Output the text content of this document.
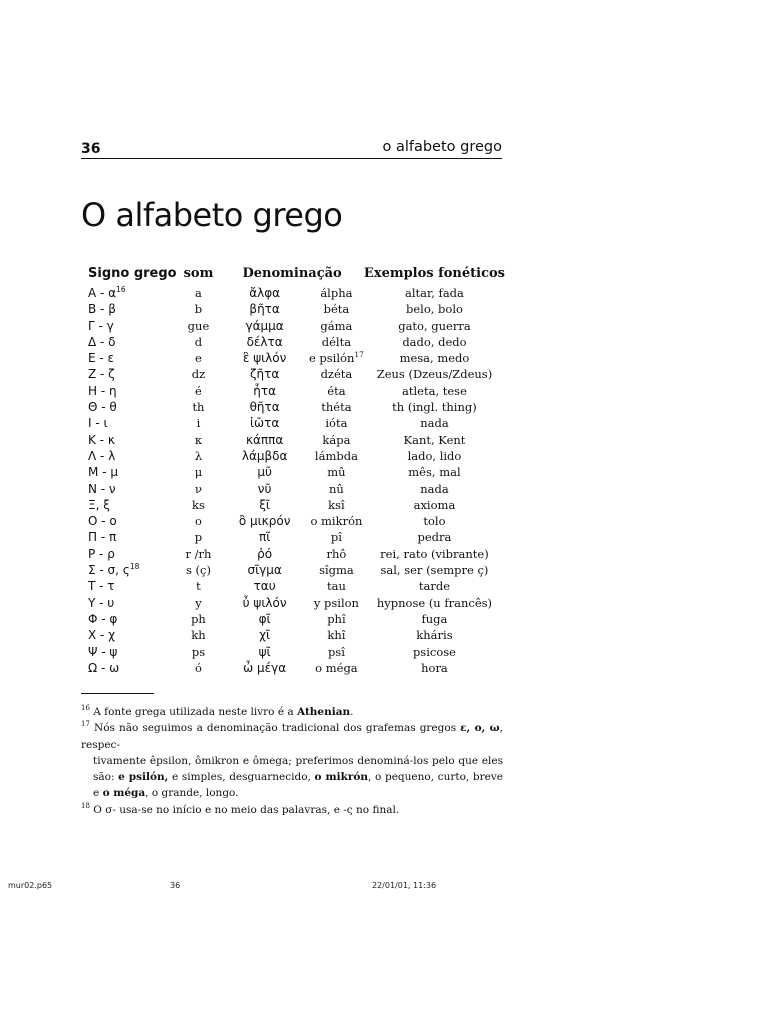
36	o alfabeto grego
O alfabeto grego
Signo grego	som	Denominação		Exemplos fonéticos
Α - $\alpha^{16}$	a	ἄλφα	álpha	altar, fada
Β - β	b	βῆτα	béta	belo, bolo
Γ - γ	gue	γάμμα	gáma	gato, guerra
Δ - δ	d	δέλτα	délta	dado, dedo
Ε - ε	e	ἒ ψιλόν	e psilón$^{17}$	mesa, medo
Ζ - ζ	dz	ζῆτα	dzéta	Zeus (Dzeus/Zdeus)
Η - η	é	ἦτα	éta	atleta, tese
Θ - θ	th	θῆτα	théta	th (ingl. thing)
Ι - ι	i	ἰῶτα	ióta	nada
Κ - κ	κ	κάππα	kápa	Kant, Kent
Λ - λ	λ	λάμβδα	lámbda	lado, lido
Μ - μ	μ	μῦ	mû	mês, mal
Ν - ν	ν	νῦ	nû	nada
Ξ, ξ	ks	ξῖ	ksî	axioma
Ο - ο	o	ὂ μικρόν	o mikrón	tolo
Π - π	p	πῖ	pî	pedra
Ρ - ρ	r /rh	ῥό	rhô	rei, rato (vibrante)
Σ - σ, $\varsigma^{18}$	s (ç)	σῖγμα	sîgma	sal, ser (sempre ç)
Τ - τ	t	ταυ	tau	tarde
Υ - υ	y	ὖ ψιλόν	y psilon	hypnose (u francês)
Φ - φ	ph	φῖ	phî	fuga
Χ - χ	kh	χῖ	khî	kháris
Ψ - ψ	ps	ψῖ	psî	psicose
Ω - ω	ó	ὦ μέγα	o méga	hora

$^{16}$ A fonte grega utilizada neste livro é a Athenian.

$^{17}$ Nós não seguimos a denominação tradicional dos grafemas gregos ε, ο, ω, respec-
tivamente êpsilon, ômikron e ômega; preferimos denominá-los pelo que eles são: e psilón, e simples, desguarnecido, o mikrón, o pequeno, curto, breve e o méga, o grande, longo.

$^{18}$ O σ- usa-se no início e no meio das palavras, e -ς no final.

mur02.p65	36	22/01/01, 11:36
